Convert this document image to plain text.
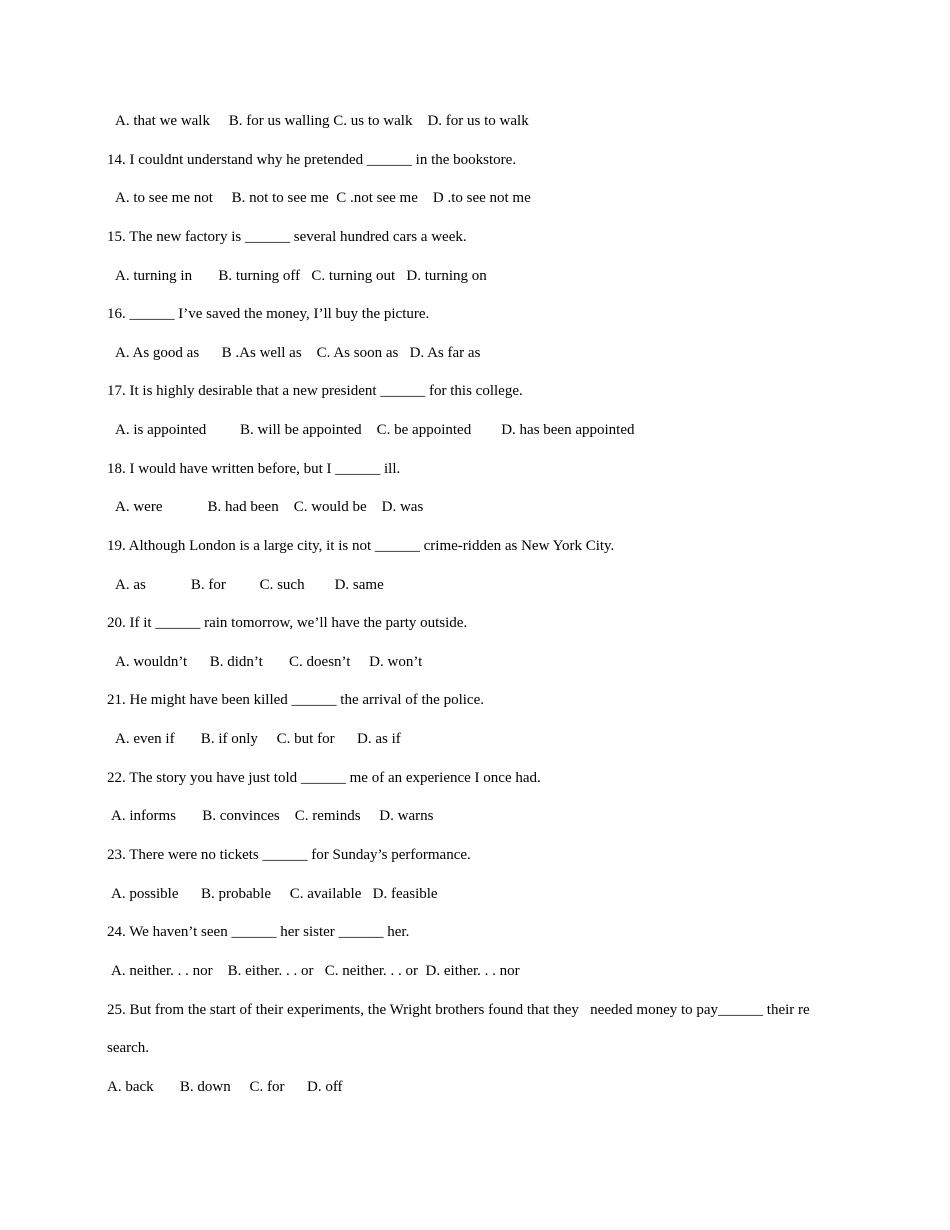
A. that we walk     B. for us walling C. us to walk    D. for us to walk
14. I couldnt understand why he pretended ______ in the bookstore.
A. to see me not     B. not to see me  C .not see me    D .to see not me
15. The new factory is ______ several hundred cars a week.
A. turning in       B. turning off   C. turning out   D. turning on
16. ______ I’ve saved the money, I’ll buy the picture.
A. As good as      B .As well as    C. As soon as   D. As far as
17. It is highly desirable that a new president ______ for this college.
A. is appointed         B. will be appointed    C. be appointed        D. has been appointed
18. I would have written before, but I ______ ill.
A. were            B. had been    C. would be    D. was
19. Although London is a large city, it is not ______ crime-ridden as New York City.
A. as            B. for         C. such        D. same
20. If it ______ rain tomorrow, we’ll have the party outside.
A. wouldn’t      B. didn’t       C. doesn’t     D. won’t
21. He might have been killed ______ the arrival of the police.
A. even if       B. if only     C. but for      D. as if
22. The story you have just told ______ me of an experience I once had.
A. informs       B. convinces    C. reminds     D. warns
23. There were no tickets ______ for Sunday’s performance.
A. possible      B. probable     C. available   D. feasible
24. We haven’t seen ______ her sister ______ her.
A. neither. . . nor    B. either. . . or   C. neither. . . or  D. either. . . nor
25. But from the start of their experiments, the Wright brothers found that they   needed money to pay______ their re
search.
A. back       B. down     C. for      D. off
